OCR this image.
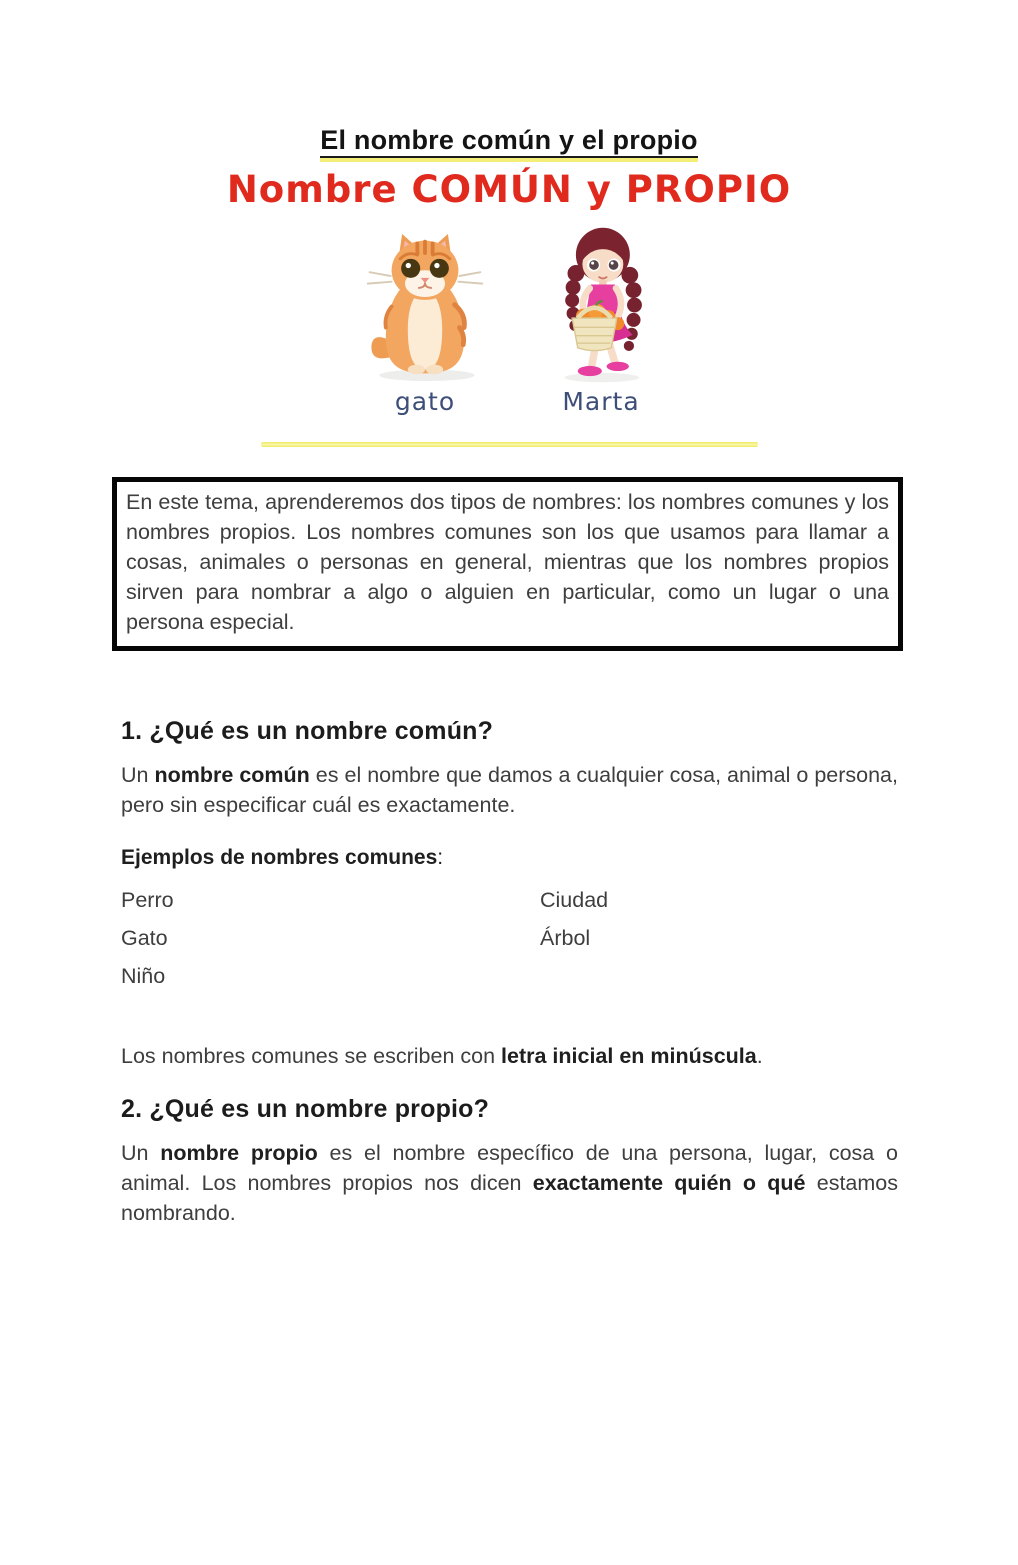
El nombre común y el propio
Nombre COMÚN y PROPIO
gato	Marta

En este tema, aprenderemos dos tipos de nombres: los nombres comunes y los nombres propios. Los nombres comunes son los que usamos para llamar a cosas, animales o personas en general, mientras que los nombres propios sirven para nombrar a algo o alguien en particular, como un lugar o una persona especial.

1. ¿Qué es un nombre común?

Un nombre común es el nombre que damos a cualquier cosa, animal o persona, pero sin especificar cuál es exactamente.

Ejemplos de nombres comunes:

Perro	Ciudad
Gato	Árbol
Niño

Los nombres comunes se escriben con letra inicial en minúscula.

2. ¿Qué es un nombre propio?

Un nombre propio es el nombre específico de una persona, lugar, cosa o animal. Los nombres propios nos dicen exactamente quién o qué estamos nombrando.
